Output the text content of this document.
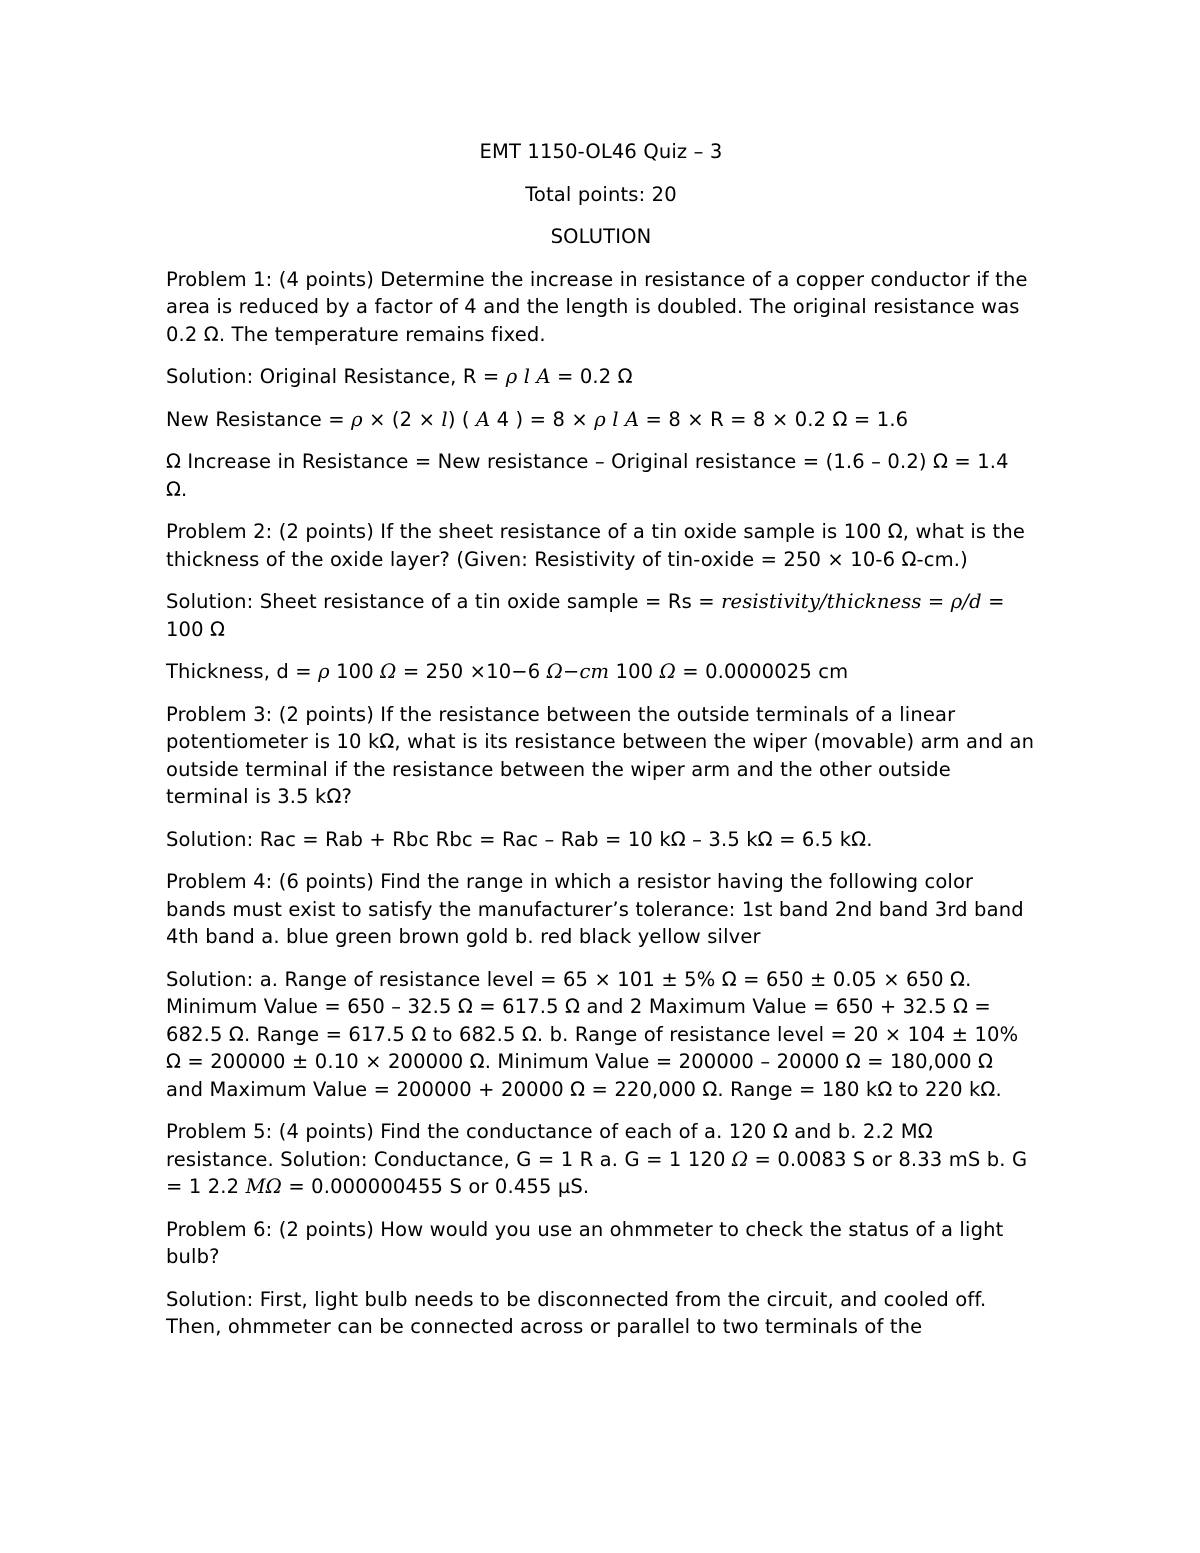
EMT 1150-OL46 Quiz – 3

Total points: 20

SOLUTION

Problem 1: (4 points) Determine the increase in resistance of a copper conductor if the area is reduced by a factor of 4 and the length is doubled. The original resistance was 0.2 Ω. The temperature remains fixed.

Solution: Original Resistance, R = ρ l A = 0.2 Ω

New Resistance = ρ × (2 × l) ( A 4 ) = 8 × ρ l A = 8 × R = 8 × 0.2 Ω = 1.6

Ω Increase in Resistance = New resistance – Original resistance = (1.6 – 0.2) Ω = 1.4 Ω.

Problem 2: (2 points) If the sheet resistance of a tin oxide sample is 100 Ω, what is the thickness of the oxide layer? (Given: Resistivity of tin-oxide = 250 × 10-6 Ω-cm.)

Solution: Sheet resistance of a tin oxide sample = Rs = resistivity/thickness = ρ/d = 100 Ω

Thickness, d = ρ 100 Ω = 250 ×10−6 Ω−cm 100 Ω = 0.0000025 cm

Problem 3: (2 points) If the resistance between the outside terminals of a linear potentiometer is 10 kΩ, what is its resistance between the wiper (movable) arm and an outside terminal if the resistance between the wiper arm and the other outside terminal is 3.5 kΩ?

Solution: Rac = Rab + Rbc Rbc = Rac – Rab = 10 kΩ – 3.5 kΩ = 6.5 kΩ.

Problem 4: (6 points) Find the range in which a resistor having the following color bands must exist to satisfy the manufacturer’s tolerance: 1st band 2nd band 3rd band 4th band a. blue green brown gold b. red black yellow silver

Solution: a. Range of resistance level = 65 × 101 ± 5% Ω = 650 ± 0.05 × 650 Ω. Minimum Value = 650 – 32.5 Ω = 617.5 Ω and 2 Maximum Value = 650 + 32.5 Ω = 682.5 Ω. Range = 617.5 Ω to 682.5 Ω. b. Range of resistance level = 20 × 104 ± 10% Ω = 200000 ± 0.10 × 200000 Ω. Minimum Value = 200000 – 20000 Ω = 180,000 Ω and Maximum Value = 200000 + 20000 Ω = 220,000 Ω. Range = 180 kΩ to 220 kΩ.

Problem 5: (4 points) Find the conductance of each of a. 120 Ω and b. 2.2 MΩ resistance. Solution: Conductance, G = 1 R a. G = 1 120 Ω = 0.0083 S or 8.33 mS b. G = 1 2.2 MΩ = 0.000000455 S or 0.455 µS.

Problem 6: (2 points) How would you use an ohmmeter to check the status of a light bulb?

Solution: First, light bulb needs to be disconnected from the circuit, and cooled off. Then, ohmmeter can be connected across or parallel to two terminals of the
